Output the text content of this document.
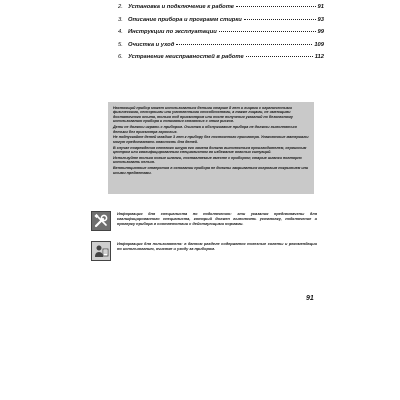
2. Установка и подключение к работе	91
3. Описание прибора и программ стирки	93
4. Инструкции по эксплуатации	99
5. Очистка и уход	109
6. Устранение неисправностей в работе	112

Настоящий прибор может использоваться детьми старше 8 лет и лицами с ограниченными физическими, сенсорными или умственными способностями, а также лицами, не имеющими достаточного опыта, только под присмотром или после получения указаний по безопасному использованию прибора и понимания связанных с этим рисков.

Дети не должны играть с прибором. Очистка и обслуживание прибора не должны выполняться детьми без присмотра взрослых.

Не подпускайте детей младше 3 лет к прибору без постоянного присмотра. Упаковочные материалы могут представлять опасность для детей.

В случае повреждения сетевого шнура его замена должна выполняться производителем, сервисным центром или квалифицированным специалистом во избежание опасных ситуаций.

Используйте только новые шланги, поставляемые вместе с прибором; старые шланги повторно использовать нельзя.

Вентиляционные отверстия в основании прибора не должны закрываться ковровым покрытием или иными предметами.

Информация для специалиста по подключению: эти указания предназначены для квалифицированного специалиста, который должен выполнять установку, подключение и проверку прибора в соответствии с действующими нормами.
Информация для пользователя: в данном разделе содержатся полезные советы и рекомендации по использованию, очистке и уходу за прибором.
91
